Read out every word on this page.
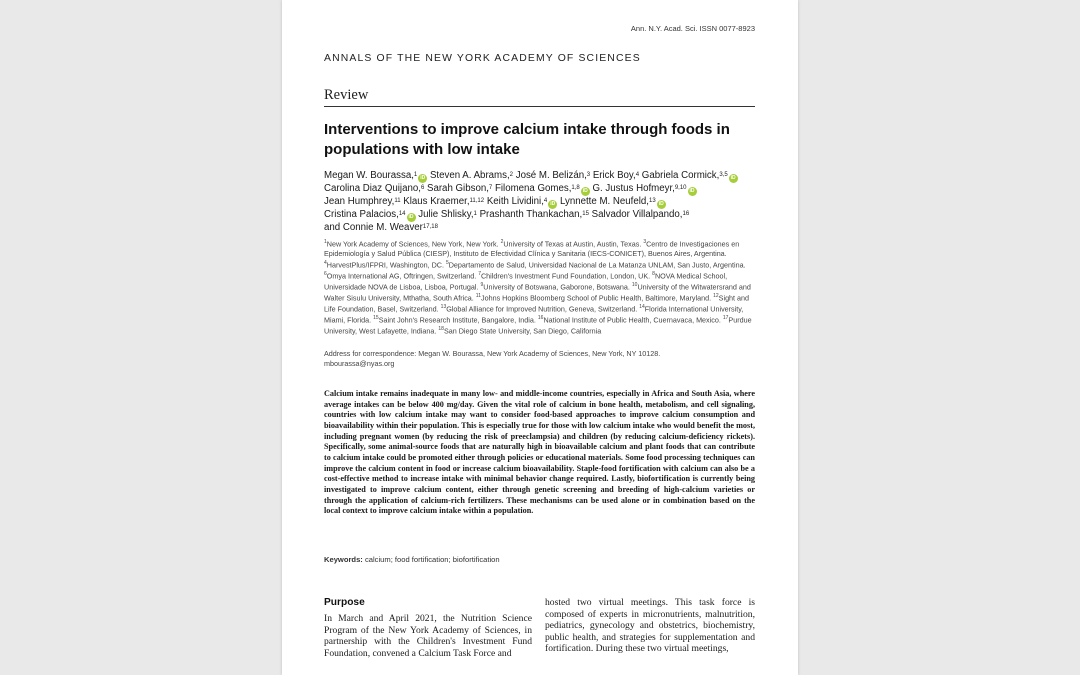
Ann. N.Y. Acad. Sci. ISSN 0077-8923
ANNALS OF THE NEW YORK ACADEMY OF SCIENCES
Review
Interventions to improve calcium intake through foods in populations with low intake
Megan W. Bourassa,$^1$ iD Steven A. Abrams,$^2$ José M. Belizán,$^3$ Erick Boy,$^4$ Gabriela Cormick,$^{3,5}$ iD Carolina Diaz Quijano,$^6$ Sarah Gibson,$^7$ Filomena Gomes,$^{1,8}$ iD G. Justus Hofmeyr,$^{9,10}$ iD Jean Humphrey,$^{11}$ Klaus Kraemer,$^{11,12}$ Keith Lividini,$^4$ iD Lynnette M. Neufeld,$^{13}$ iD Cristina Palacios,$^{14}$ iD Julie Shlisky,$^1$ Prashanth Thankachan,$^{15}$ Salvador Villalpando,$^{16}$ and Connie M. Weaver$^{17,18}$
$^1$New York Academy of Sciences, New York, New York. $^2$University of Texas at Austin, Austin, Texas. $^3$Centro de Investigaciones en Epidemiología y Salud Pública (CIESP), Instituto de Efectividad Clínica y Sanitaria (IECS-CONICET), Buenos Aires, Argentina. $^4$HarvestPlus/IFPRI, Washington, DC. $^5$Departamento de Salud, Universidad Nacional de La Matanza UNLAM, San Justo, Argentina. $^6$Omya International AG, Oftringen, Switzerland. $^7$Children's Investment Fund Foundation, London, UK. $^8$NOVA Medical School, Universidade NOVA de Lisboa, Lisboa, Portugal. $^9$University of Botswana, Gaborone, Botswana. $^{10}$University of the Witwatersrand and Walter Sisulu University, Mthatha, South Africa. $^{11}$Johns Hopkins Bloomberg School of Public Health, Baltimore, Maryland. $^{12}$Sight and Life Foundation, Basel, Switzerland. $^{13}$Global Alliance for Improved Nutrition, Geneva, Switzerland. $^{14}$Florida International University, Miami, Florida. $^{15}$Saint John's Research Institute, Bangalore, India. $^{16}$National Institute of Public Health, Cuernavaca, Mexico. $^{17}$Purdue University, West Lafayette, Indiana. $^{18}$San Diego State University, San Diego, California
Address for correspondence: Megan W. Bourassa, New York Academy of Sciences, New York, NY 10128.
mbourassa@nyas.org
Calcium intake remains inadequate in many low- and middle-income countries, especially in Africa and South Asia, where average intakes can be below 400 mg/day. Given the vital role of calcium in bone health, metabolism, and cell signaling, countries with low calcium intake may want to consider food-based approaches to improve calcium consumption and bioavailability within their population. This is especially true for those with low calcium intake who would benefit the most, including pregnant women (by reducing the risk of preeclampsia) and children (by reducing calcium-deficiency rickets). Specifically, some animal-source foods that are naturally high in bioavailable calcium and plant foods that can contribute to calcium intake could be promoted either through policies or educational materials. Some food processing techniques can improve the calcium content in food or increase calcium bioavailability. Staple-food fortification with calcium can also be a cost-effective method to increase intake with minimal behavior change required. Lastly, biofortification is currently being investigated to improve calcium content, either through genetic screening and breeding of high-calcium varieties or through the application of calcium-rich fertilizers. These mechanisms can be used alone or in combination based on the local context to improve calcium intake within a population.
Keywords: calcium; food fortification; biofortification
Purpose

In March and April 2021, the Nutrition Science Program of the New York Academy of Sciences, in partnership with the Children's Investment Fund Foundation, convened a Calcium Task Force and

hosted two virtual meetings. This task force is composed of experts in micronutrients, malnutrition, pediatrics, gynecology and obstetrics, biochemistry, public health, and strategies for supplementation and fortification. During these two virtual meetings,
